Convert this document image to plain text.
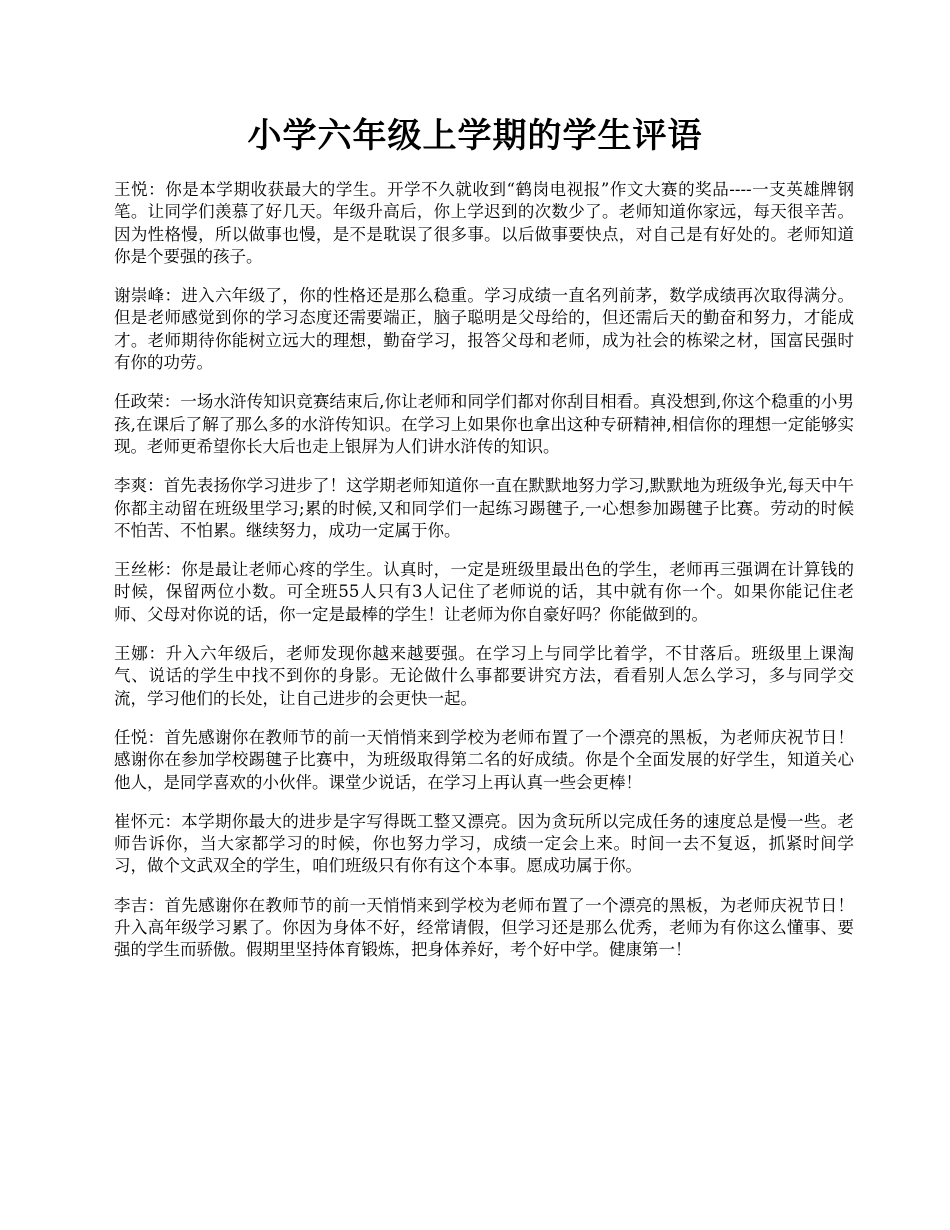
小学六年级上学期的学生评语

王悦：你是本学期收获最大的学生。开学不久就收到“鹤岗电视报”作文大赛的奖品----一支英雄牌钢笔。让同学们羡慕了好几天。年级升高后，你上学迟到的次数少了。老师知道你家远，每天很辛苦。因为性格慢，所以做事也慢，是不是耽误了很多事。以后做事要快点，对自己是有好处的。老师知道你是个要强的孩子。

谢崇峰：进入六年级了，你的性格还是那么稳重。学习成绩一直名列前茅，数学成绩再次取得满分。但是老师感觉到你的学习态度还需要端正，脑子聪明是父母给的，但还需后天的勤奋和努力，才能成才。老师期待你能树立远大的理想，勤奋学习，报答父母和老师，成为社会的栋梁之材，国富民强时有你的功劳。

任政荣：一场水浒传知识竞赛结束后,你让老师和同学们都对你刮目相看。真没想到,你这个稳重的小男孩,在课后了解了那么多的水浒传知识。在学习上如果你也拿出这种专研精神,相信你的理想一定能够实现。老师更希望你长大后也走上银屏为人们讲水浒传的知识。

李爽：首先表扬你学习进步了！这学期老师知道你一直在默默地努力学习,默默地为班级争光,每天中午你都主动留在班级里学习;累的时候,又和同学们一起练习踢毽子,一心想参加踢毽子比赛。劳动的时候不怕苦、不怕累。继续努力，成功一定属于你。

王丝彬：你是最让老师心疼的学生。认真时，一定是班级里最出色的学生，老师再三强调在计算钱的时候，保留两位小数。可全班55人只有3人记住了老师说的话，其中就有你一个。如果你能记住老师、父母对你说的话，你一定是最棒的学生！让老师为你自豪好吗？你能做到的。

王娜：升入六年级后，老师发现你越来越要强。在学习上与同学比着学，不甘落后。班级里上课淘气、说话的学生中找不到你的身影。无论做什么事都要讲究方法，看看别人怎么学习，多与同学交流，学习他们的长处，让自己进步的会更快一起。

任悦：首先感谢你在教师节的前一天悄悄来到学校为老师布置了一个漂亮的黑板，为老师庆祝节日！感谢你在参加学校踢毽子比赛中，为班级取得第二名的好成绩。你是个全面发展的好学生，知道关心他人，是同学喜欢的小伙伴。课堂少说话，在学习上再认真一些会更棒！

崔怀元：本学期你最大的进步是字写得既工整又漂亮。因为贪玩所以完成任务的速度总是慢一些。老师告诉你，当大家都学习的时候，你也努力学习，成绩一定会上来。时间一去不复返，抓紧时间学习，做个文武双全的学生，咱们班级只有你有这个本事。愿成功属于你。

李吉：首先感谢你在教师节的前一天悄悄来到学校为老师布置了一个漂亮的黑板，为老师庆祝节日！升入高年级学习累了。你因为身体不好，经常请假，但学习还是那么优秀，老师为有你这么懂事、要强的学生而骄傲。假期里坚持体育锻炼，把身体养好，考个好中学。健康第一！
